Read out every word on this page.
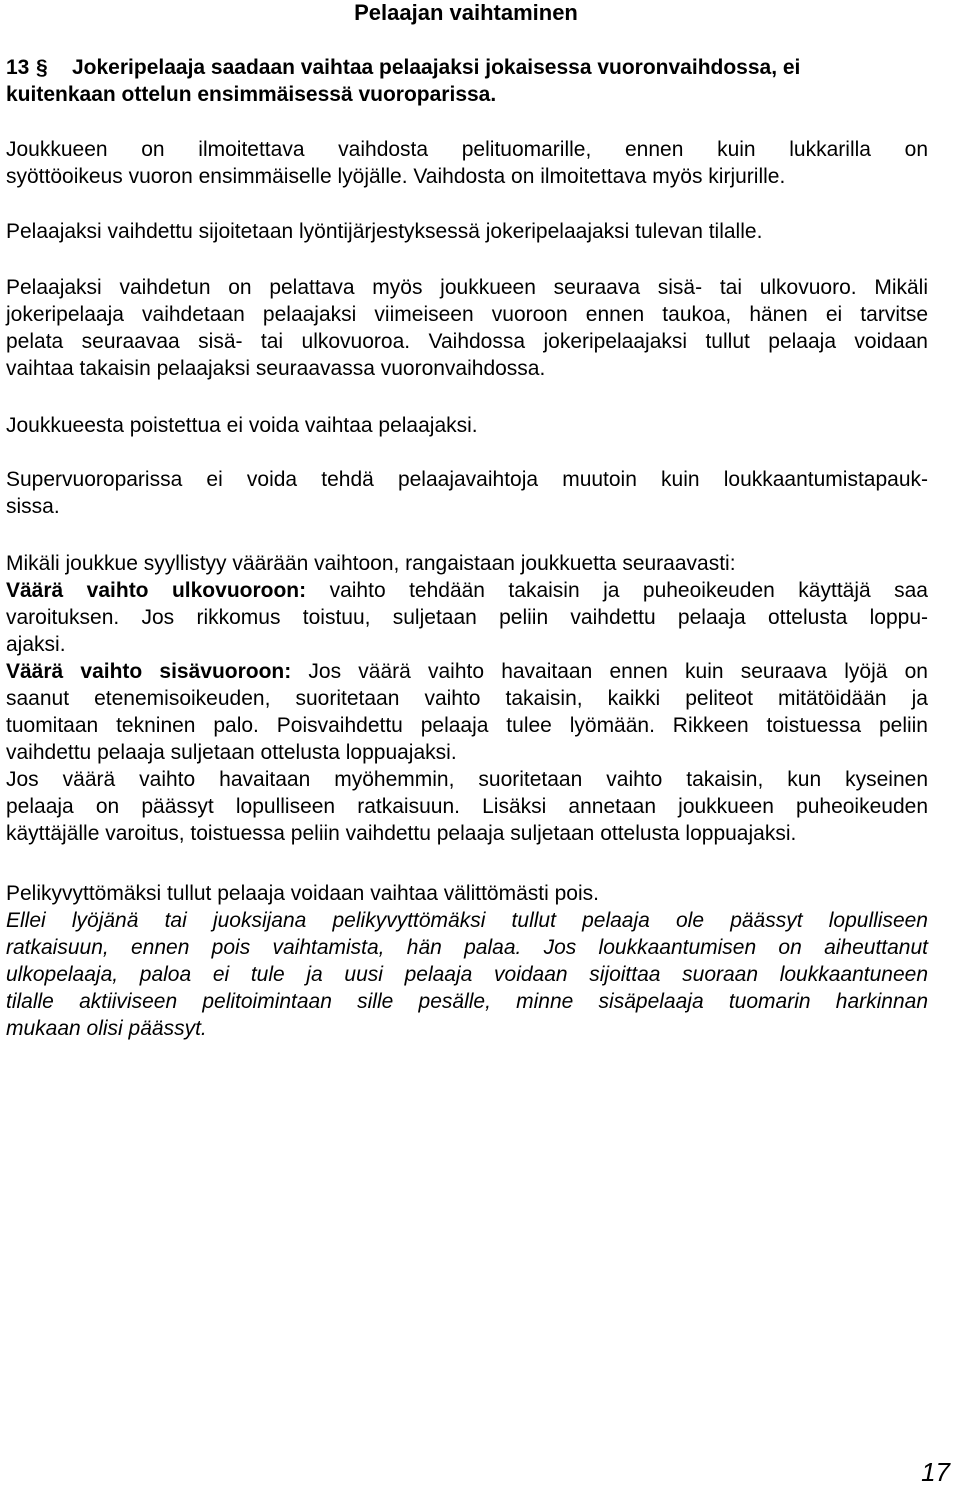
Pelaajan vaihtaminen
13 § Jokeripelaaja saadaan vaihtaa pelaajaksi jokaisessa vuoronvaihdossa, ei
kuitenkaan ottelun ensimmäisessä vuoroparissa.
Joukkueen on ilmoitettava vaihdosta pelituomarille, ennen kuin lukkarilla on
syöttöoikeus vuoron ensimmäiselle lyöjälle. Vaihdosta on ilmoitettava myös kirjurille.
Pelaajaksi vaihdettu sijoitetaan lyöntijärjestyksessä jokeripelaajaksi tulevan tilalle.
Pelaajaksi vaihdetun on pelattava myös joukkueen seuraava sisä- tai ulkovuoro. Mikäli
jokeripelaaja vaihdetaan pelaajaksi viimeiseen vuoroon ennen taukoa, hänen ei tarvitse
pelata seuraavaa sisä- tai ulkovuoroa. Vaihdossa jokeripelaajaksi tullut pelaaja voidaan
vaihtaa takaisin pelaajaksi seuraavassa vuoronvaihdossa.
Joukkueesta poistettua ei voida vaihtaa pelaajaksi.
Supervuoroparissa ei voida tehdä pelaajavaihtoja muutoin kuin loukkaantumistapauk-
sissa.
Mikäli joukkue syyllistyy väärään vaihtoon, rangaistaan joukkuetta seuraavasti:
Väärä vaihto ulkovuoroon: vaihto tehdään takaisin ja puheoikeuden käyttäjä saa
varoituksen. Jos rikkomus toistuu, suljetaan peliin vaihdettu pelaaja ottelusta loppu-
ajaksi.
Väärä vaihto sisävuoroon: Jos väärä vaihto havaitaan ennen kuin seuraava lyöjä on
saanut etenemisoikeuden, suoritetaan vaihto takaisin, kaikki peliteot mitätöidään ja
tuomitaan tekninen palo. Poisvaihdettu pelaaja tulee lyömään. Rikkeen toistuessa peliin
vaihdettu pelaaja suljetaan ottelusta loppuajaksi.
Jos väärä vaihto havaitaan myöhemmin, suoritetaan vaihto takaisin, kun kyseinen
pelaaja on päässyt lopulliseen ratkaisuun. Lisäksi annetaan joukkueen puheoikeuden
käyttäjälle varoitus, toistuessa peliin vaihdettu pelaaja suljetaan ottelusta loppuajaksi.
Pelikyvyttömäksi tullut pelaaja voidaan vaihtaa välittömästi pois.
Ellei lyöjänä tai juoksijana pelikyvyttömäksi tullut pelaaja ole päässyt lopulliseen
ratkaisuun, ennen pois vaihtamista, hän palaa. Jos loukkaantumisen on aiheuttanut
ulkopelaaja, paloa ei tule ja uusi pelaaja voidaan sijoittaa suoraan loukkaantuneen
tilalle aktiiviseen pelitoimintaan sille pesälle, minne sisäpelaaja tuomarin harkinnan
mukaan olisi päässyt.
17
